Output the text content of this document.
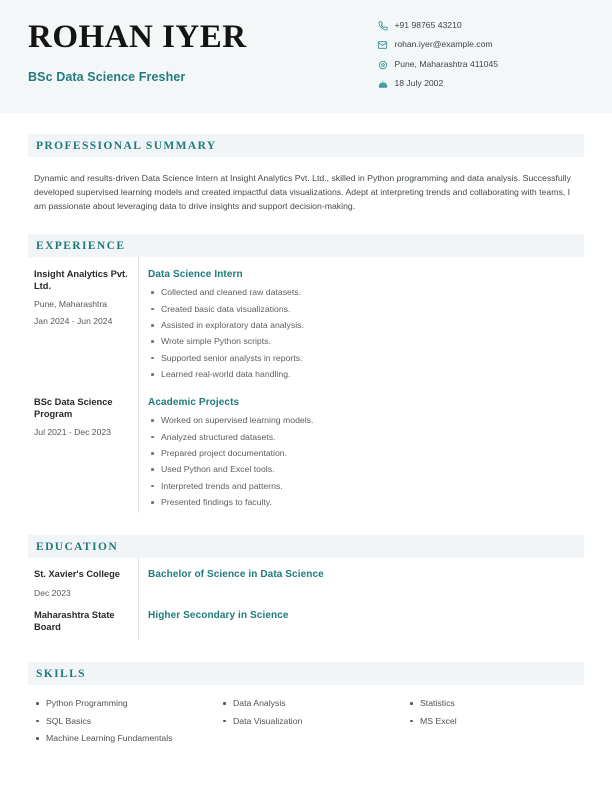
ROHAN IYER
BSc Data Science Fresher
+91 98765 43210
rohan.iyer@example.com
Pune, Maharashtra 411045
18 July 2002
PROFESSIONAL SUMMARY
Dynamic and results-driven Data Science Intern at Insight Analytics Pvt. Ltd., skilled in Python programming and data analysis. Successfully developed supervised learning models and created impactful data visualizations. Adept at interpreting trends and collaborating with teams, I am passionate about leveraging data to drive insights and support decision-making.
EXPERIENCE
Insight Analytics Pvt. Ltd.
Pune, Maharashtra
Jan 2024 - Jun 2024
Data Science Intern
Collected and cleaned raw datasets.
Created basic data visualizations.
Assisted in exploratory data analysis.
Wrote simple Python scripts.
Supported senior analysts in reports.
Learned real-world data handling.
BSc Data Science Program
Jul 2021 - Dec 2023
Academic Projects
Worked on supervised learning models.
Analyzed structured datasets.
Prepared project documentation.
Used Python and Excel tools.
Interpreted trends and patterns.
Presented findings to faculty.
EDUCATION
St. Xavier's College
Dec 2023
Bachelor of Science in Data Science
Maharashtra State Board
Higher Secondary in Science
SKILLS
Python Programming
SQL Basics
Machine Learning Fundamentals
Data Analysis
Data Visualization
Statistics
MS Excel
